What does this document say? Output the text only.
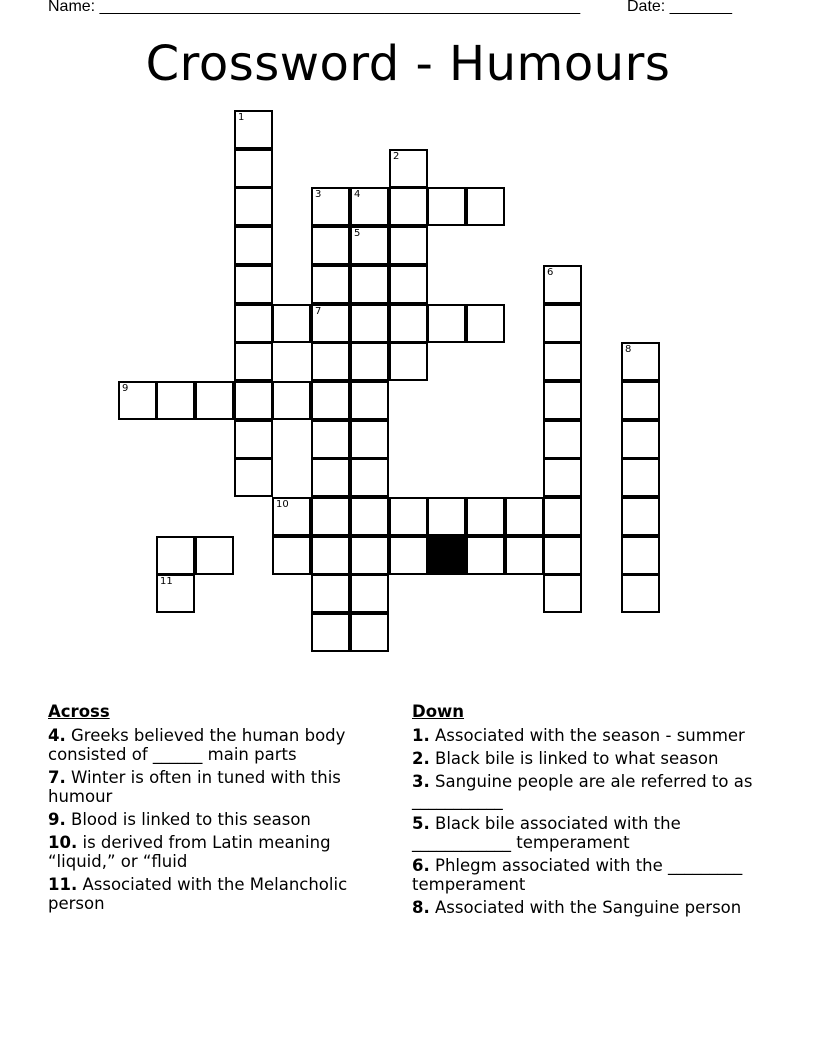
Name: ______________________________________________________	Date: _______
Crossword - Humours
1
2
3
7
4
5
6
9
10
8
11
Across
4. Greeks believed the human body consisted of ______ main parts
7. Winter is often in tuned with this humour
9. Blood is linked to this season
10. is derived from Latin meaning “liquid,” or “fluid
11. Associated with the Melancholic person
Down
1. Associated with the season - summer
2. Black bile is linked to what season
3. Sanguine people are ale referred to as ___________
5. Black bile associated with the ____________ temperament
6. Phlegm associated with the _________ temperament
8. Associated with the Sanguine person
